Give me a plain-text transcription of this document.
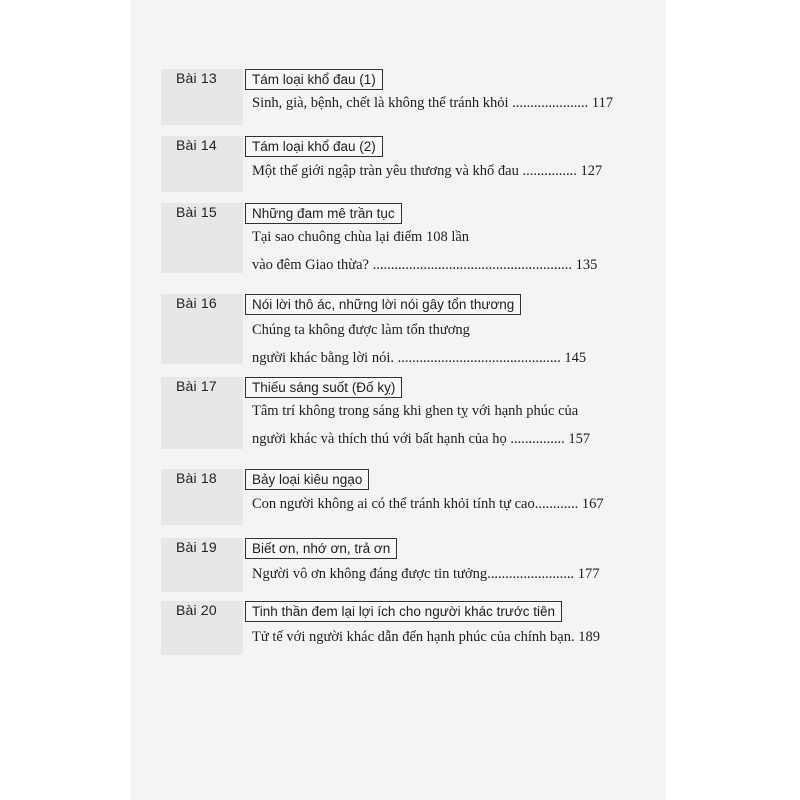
Bài 13	Tám loại khổ đau (1)
Sinh, già, bệnh, chết là không thể tránh khỏi ..................... 117
Bài 14	Tám loại khổ đau (2)
Một thế giới ngập tràn yêu thương và khổ đau ............... 127
Bài 15	Những đam mê trần tục
Tại sao chuông chùa lại điểm 108 lần
vào đêm Giao thừa? ....................................................... 135
Bài 16	Nói lời thô ác, những lời nói gây tổn thương
Chúng ta không được làm tổn thương
người khác bằng lời nói. ............................................. 145
Bài 17	Thiếu sáng suốt (Đố kỵ)
Tâm trí không trong sáng khi ghen tỵ với hạnh phúc của
người khác và thích thú với bất hạnh của họ ............... 157
Bài 18	Bảy loại kiêu ngạo
Con người không ai có thể tránh khỏi tính tự cao............ 167
Bài 19	Biết ơn, nhớ ơn, trả ơn
Người vô ơn không đáng được tin tưởng........................ 177
Bài 20	Tinh thần đem lại lợi ích cho người khác trước tiên
Tử tế với người khác dẫn đến hạnh phúc của chính bạn. 189
